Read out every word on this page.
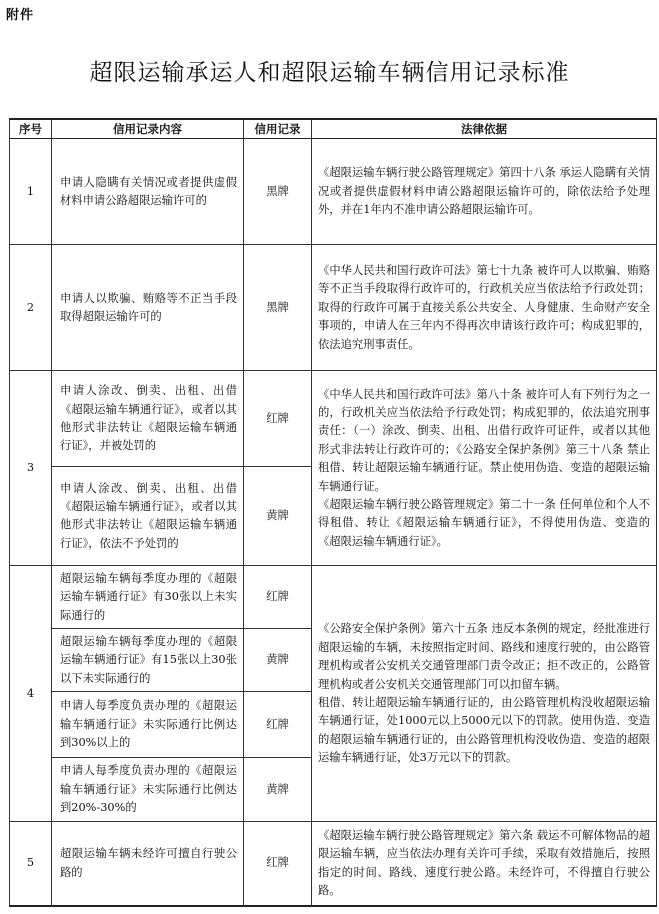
附件
超限运输承运人和超限运输车辆信用记录标准
序号	信用记录内容	信用记录	法律依据
1	申请人隐瞒有关情况或者提供虚假材料申请公路超限运输许可的	黑牌	《超限运输车辆行驶公路管理规定》第四十八条 承运人隐瞒有关情况或者提供虚假材料申请公路超限运输许可的，除依法给予处理外，并在1年内不准申请公路超限运输许可。
2	申请人以欺骗、贿赂等不正当手段取得超限运输许可的	黑牌	《中华人民共和国行政许可法》第七十九条 被许可人以欺骗、贿赂等不正当手段取得行政许可的，行政机关应当依法给予行政处罚；取得的行政许可属于直接关系公共安全、人身健康、生命财产安全事项的，申请人在三年内不得再次申请该行政许可；构成犯罪的，依法追究刑事责任。
3	申请人涂改、倒卖、出租、出借《超限运输车辆通行证》，或者以其他形式非法转让《超限运输车辆通行证》，并被处罚的	红牌	《中华人民共和国行政许可法》第八十条 被许可人有下列行为之一的，行政机关应当依法给予行政处罚；构成犯罪的，依法追究刑事责任：（一）涂改、倒卖、出租、出借行政许可证件，或者以其他形式非法转让行政许可的；《公路安全保护条例》第三十八条 禁止租借、转让超限运输车辆通行证。禁止使用伪造、变造的超限运输车辆通行证。
《超限运输车辆行驶公路管理规定》第二十一条 任何单位和个人不得租借、转让《超限运输车辆通行证》，不得使用伪造、变造的《超限运输车辆通行证》。
	申请人涂改、倒卖、出租、出借《超限运输车辆通行证》，或者以其他形式非法转让《超限运输车辆通行证》，依法不予处罚的	黄牌	
4	超限运输车辆每季度办理的《超限运输车辆通行证》有30张以上未实际通行的	红牌	《公路安全保护条例》第六十五条 违反本条例的规定，经批准进行超限运输的车辆，未按照指定时间、路线和速度行驶的，由公路管理机构或者公安机关交通管理部门责令改正；拒不改正的，公路管理机构或者公安机关交通管理部门可以扣留车辆。
租借、转让超限运输车辆通行证的，由公路管理机构没收超限运输车辆通行证，处1000元以上5000元以下的罚款。使用伪造、变造的超限运输车辆通行证的，由公路管理机构没收伪造、变造的超限运输车辆通行证，处3万元以下的罚款。
	超限运输车辆每季度办理的《超限运输车辆通行证》有15张以上30张以下未实际通行的	黄牌	
	申请人每季度负责办理的《超限运输车辆通行证》未实际通行比例达到30%以上的	红牌	
	申请人每季度负责办理的《超限运输车辆通行证》未实际通行比例达到20%-30%的	黄牌	
5	超限运输车辆未经许可擅自行驶公路的	红牌	《超限运输车辆行驶公路管理规定》第六条 载运不可解体物品的超限运输车辆，应当依法办理有关许可手续，采取有效措施后，按照指定的时间、路线、速度行驶公路。未经许可，不得擅自行驶公路。
